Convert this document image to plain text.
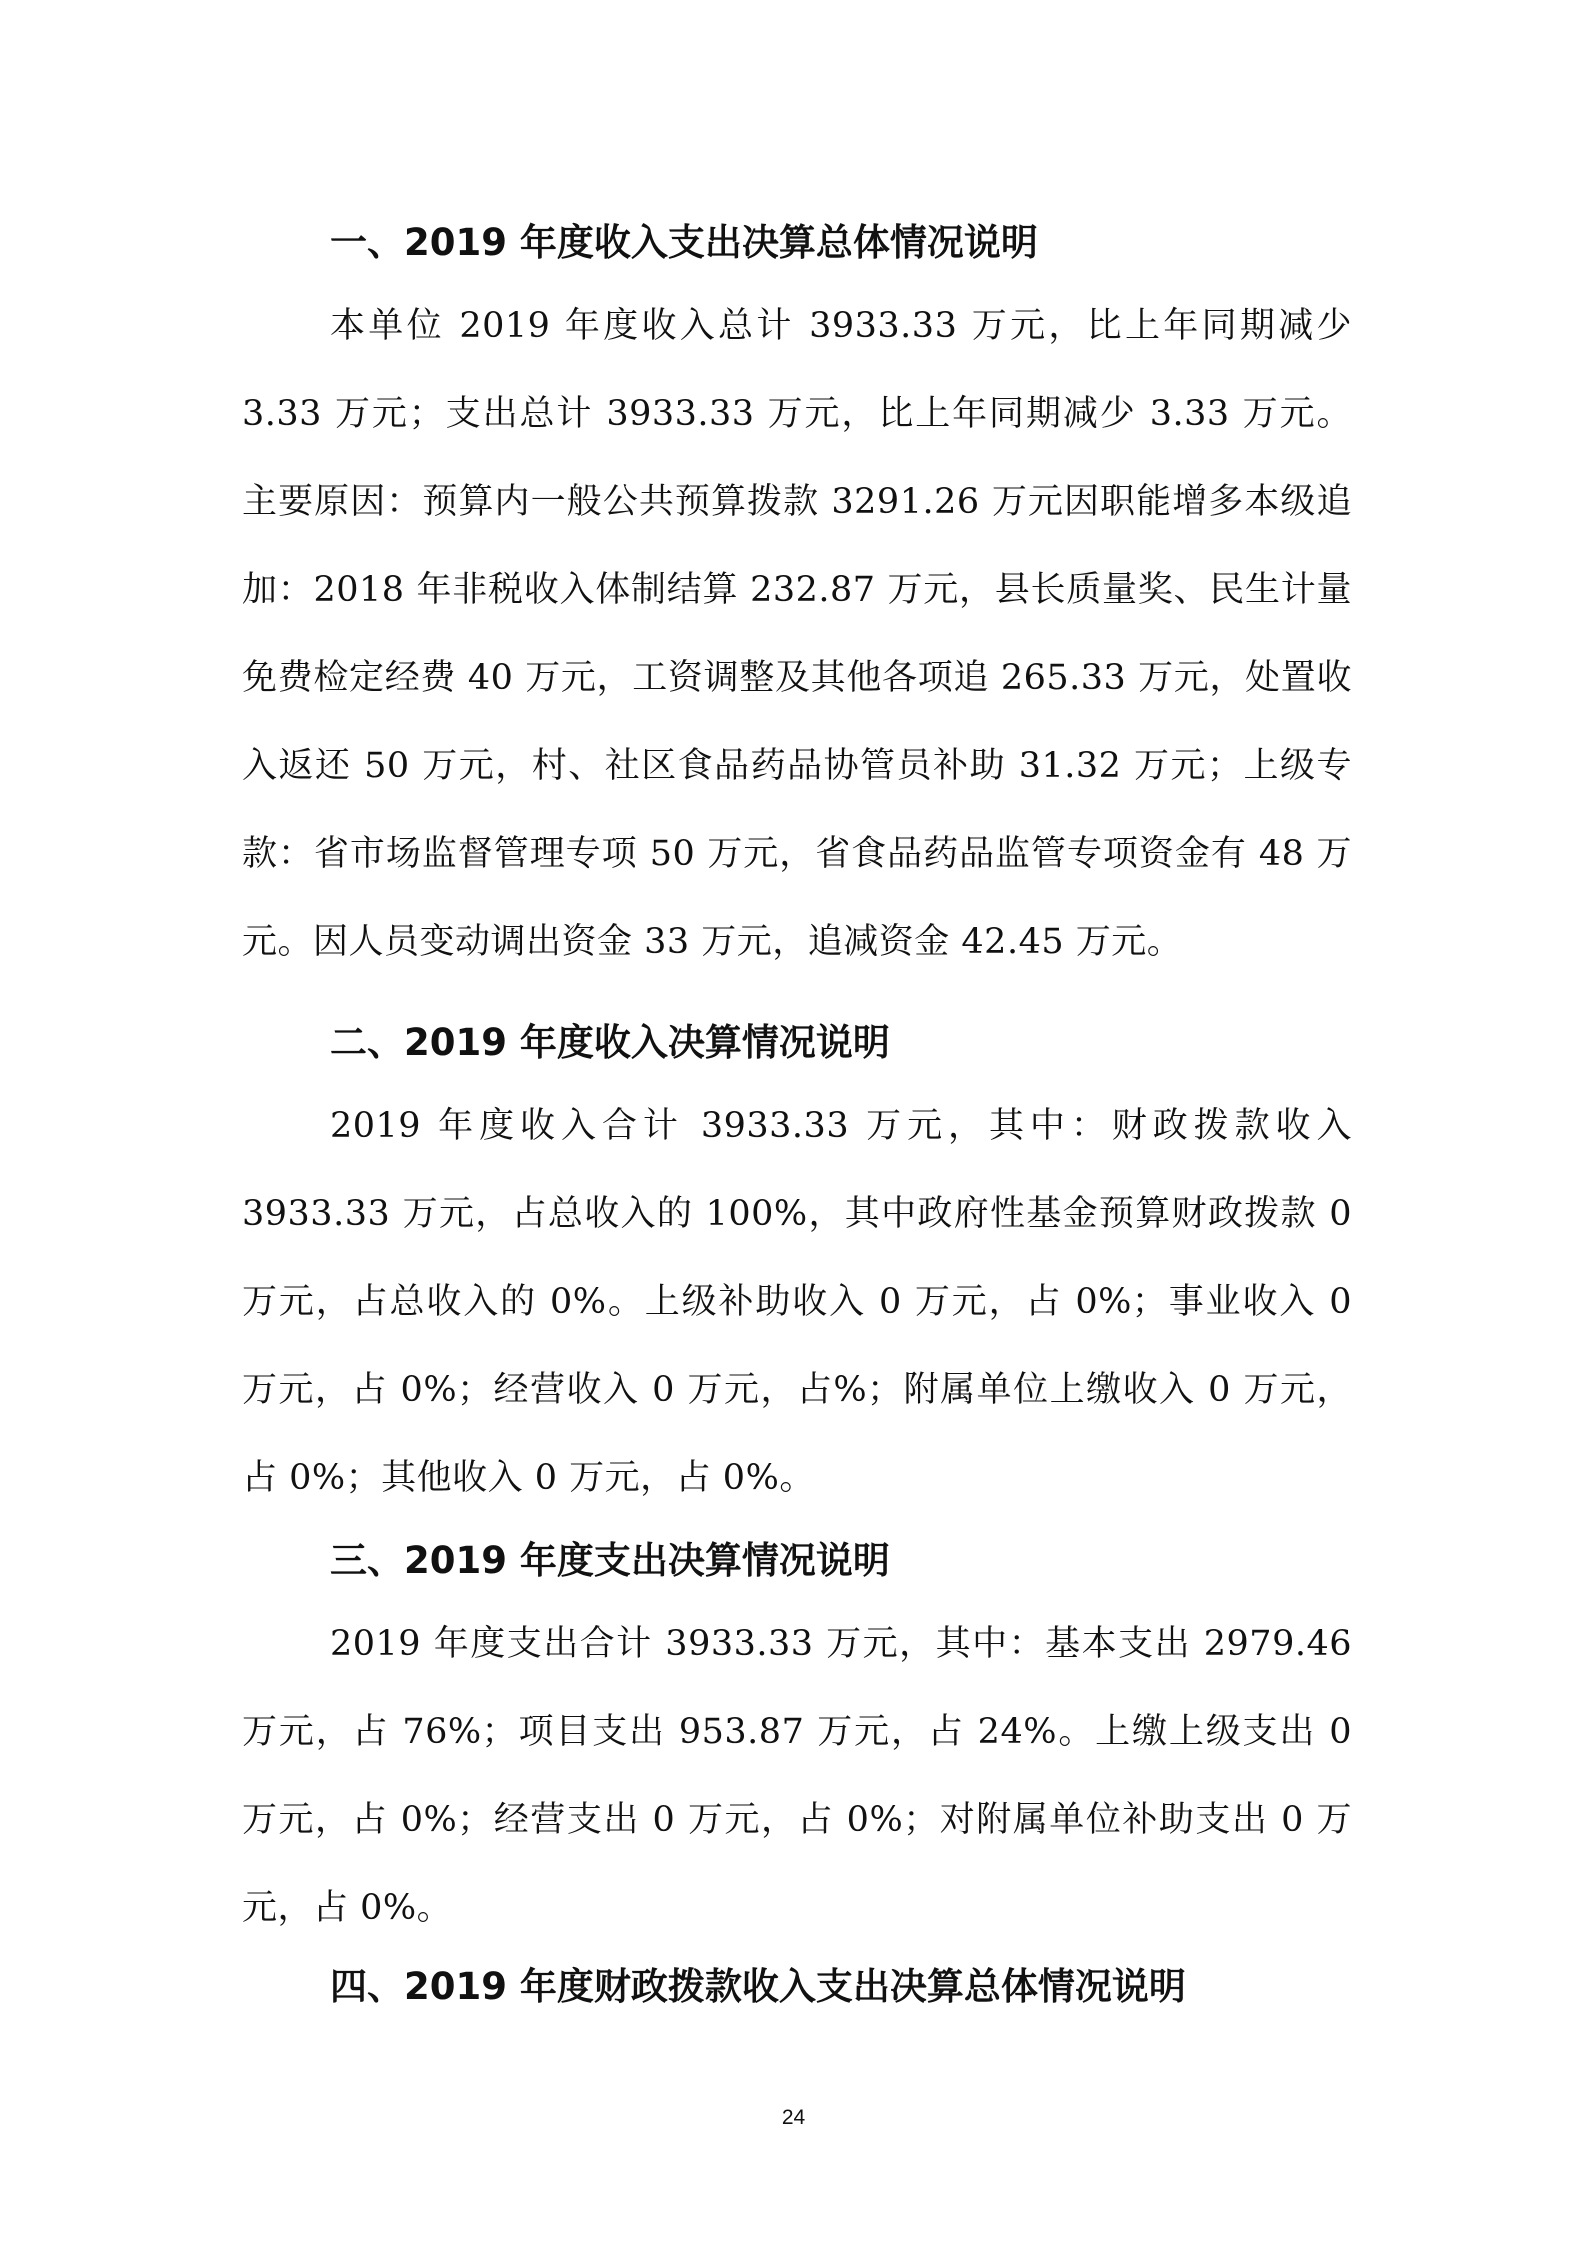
一、2019 年度收入支出决算总体情况说明

本单位 2019 年度收入总计 3933.33 万元，比上年同期减少 3.33 万元；支出总计 3933.33 万元，比上年同期减少 3.33 万元。主要原因：预算内一般公共预算拨款 3291.26 万元因职能增多本级追加：2018 年非税收入体制结算 232.87 万元，县长质量奖、民生计量免费检定经费 40 万元，工资调整及其他各项追 265.33 万元，处置收入返还 50 万元，村、社区食品药品协管员补助 31.32 万元；上级专款：省市场监督管理专项 50 万元，省食品药品监管专项资金有 48 万元。因人员变动调出资金 33 万元，追减资金 42.45 万元。

二、2019 年度收入决算情况说明

2019 年度收入合计 3933.33 万元，其中：财政拨款收入 3933.33 万元，占总收入的 100%，其中政府性基金预算财政拨款 0 万元，占总收入的 0%。上级补助收入 0 万元，占 0%；事业收入 0 万元，占 0%；经营收入 0 万元，占%；附属单位上缴收入 0 万元，占 0%；其他收入 0 万元，占 0%。

三、2019 年度支出决算情况说明

2019 年度支出合计 3933.33 万元，其中：基本支出 2979.46 万元，占 76%；项目支出 953.87 万元，占 24%。上缴上级支出 0 万元，占 0%；经营支出 0 万元，占 0%；对附属单位补助支出 0 万元，占 0%。

四、2019 年度财政拨款收入支出决算总体情况说明
24
